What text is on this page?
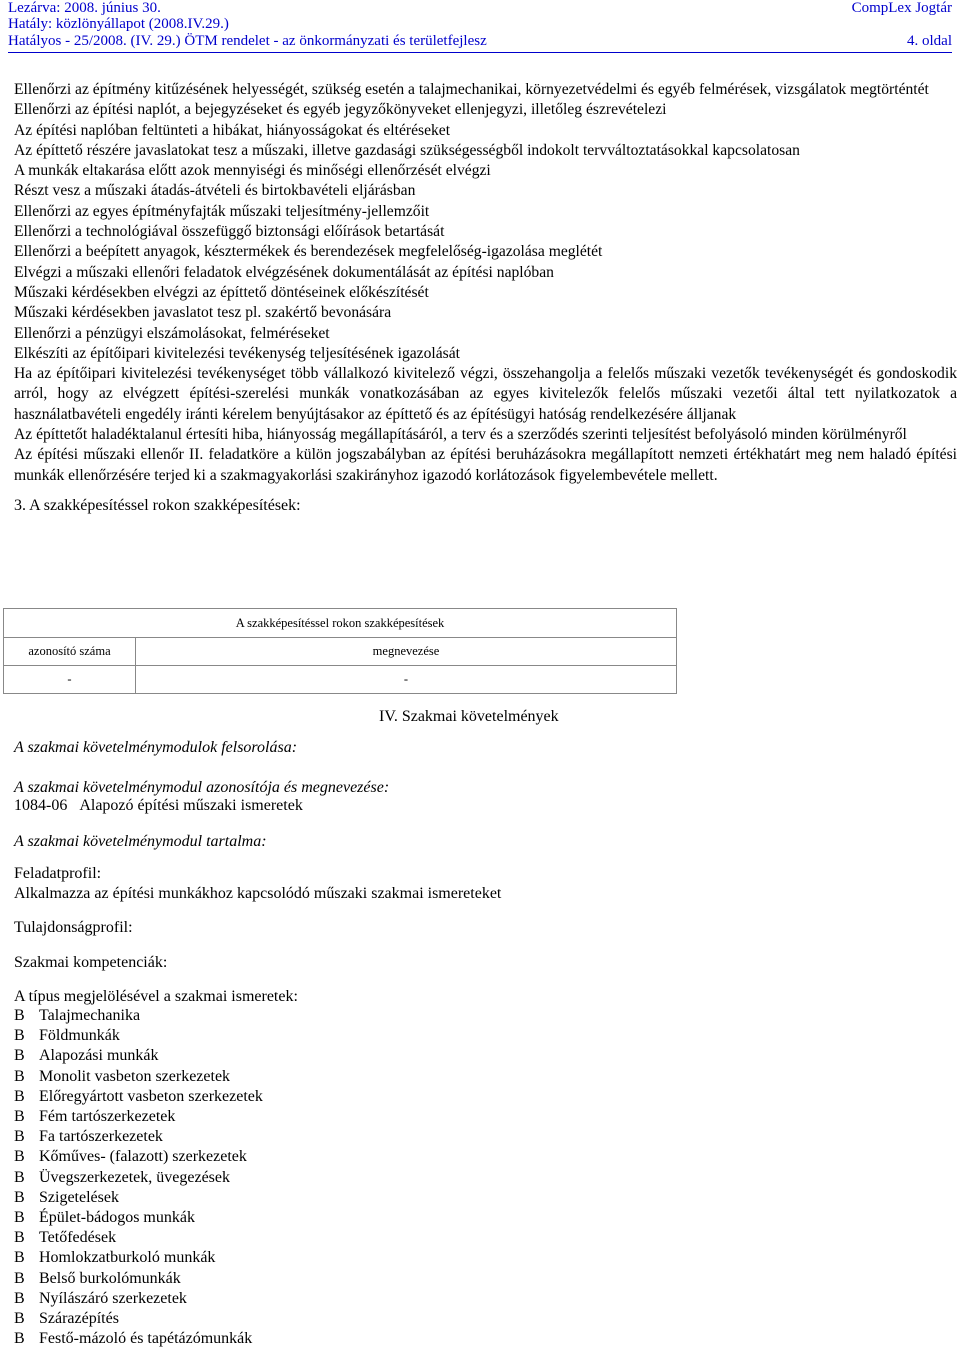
Lezárva: 2008. június 30.
Hatály: közlönyállapot (2008.IV.29.)
Hatályos - 25/2008. (IV. 29.) ÖTM rendelet - az önkormányzati és területfejlesz
CompLex Jogtár
4. oldal

Ellenőrzi az építmény kitűzésének helyességét, szükség esetén a talajmechanikai, környezetvédelmi és egyéb felmérések, vizsgálatok megtörténtét

Ellenőrzi az építési naplót, a bejegyzéseket és egyéb jegyzőkönyveket ellenjegyzi, illetőleg észrevételezi

Az építési naplóban feltünteti a hibákat, hiányosságokat és eltéréseket

Az építtető részére javaslatokat tesz a műszaki, illetve gazdasági szükségességből indokolt tervváltoztatásokkal kapcsolatosan

A munkák eltakarása előtt azok mennyiségi és minőségi ellenőrzését elvégzi

Részt vesz a műszaki átadás-átvételi és birtokbavételi eljárásban

Ellenőrzi az egyes építményfajták műszaki teljesítmény-jellemzőit

Ellenőrzi a technológiával összefüggő biztonsági előírások betartását

Ellenőrzi a beépített anyagok, késztermékek és berendezések megfelelőség-igazolása meglétét

Elvégzi a műszaki ellenőri feladatok elvégzésének dokumentálását az építési naplóban

Műszaki kérdésekben elvégzi az építtető döntéseinek előkészítését

Műszaki kérdésekben javaslatot tesz pl. szakértő bevonására

Ellenőrzi a pénzügyi elszámolásokat, felméréseket

Elkészíti az építőipari kivitelezési tevékenység teljesítésének igazolását

Ha az építőipari kivitelezési tevékenységet több vállalkozó kivitelező végzi, összehangolja a felelős műszaki vezetők tevékenységét és gondoskodik arról, hogy az elvégzett építési-szerelési munkák vonatkozásában az egyes kivitelezők felelős műszaki vezetői által tett nyilatkozatok a használatbavételi engedély iránti kérelem benyújtásakor az építtető és az építésügyi hatóság rendelkezésére álljanak

Az építtetőt haladéktalanul értesíti hiba, hiányosság megállapításáról, a terv és a szerződés szerinti teljesítést befolyásoló minden körülményről

Az építési műszaki ellenőr II. feladatköre a külön jogszabályban az építési beruházásokra megállapított nemzeti értékhatárt meg nem haladó építési munkák ellenőrzésére terjed ki a szakmagyakorlási szakirányhoz igazodó korlátozások figyelembevétele mellett.

3. A szakképesítéssel rokon szakképesítések:

A szakképesítéssel rokon szakképesítések	
azonosító száma	megnevezése
-	-
IV. Szakmai követelmények
A szakmai követelménymodulok felsorolása:
A szakmai követelménymodul azonosítója és megnevezése:
1084-06 Alapozó építési műszaki ismeretek
A szakmai követelménymodul tartalma:
Feladatprofil:
Alkalmazza az építési munkákhoz kapcsolódó műszaki szakmai ismereteket
Tulajdonságprofil:
Szakmai kompetenciák:
A típus megjelölésével a szakmai ismeretek:
B Talajmechanika
B Földmunkák
B Alapozási munkák
B Monolit vasbeton szerkezetek
B Előregyártott vasbeton szerkezetek
B Fém tartószerkezetek
B Fa tartószerkezetek
B Kőműves- (falazott) szerkezetek
B Üvegszerkezetek, üvegezések
B Szigetelések
B Épület-bádogos munkák
B Tetőfedések
B Homlokzatburkoló munkák
B Belső burkolómunkák
B Nyílászáró szerkezetek
B Szárazépítés
B Festő-mázoló és tapétázómunkák
